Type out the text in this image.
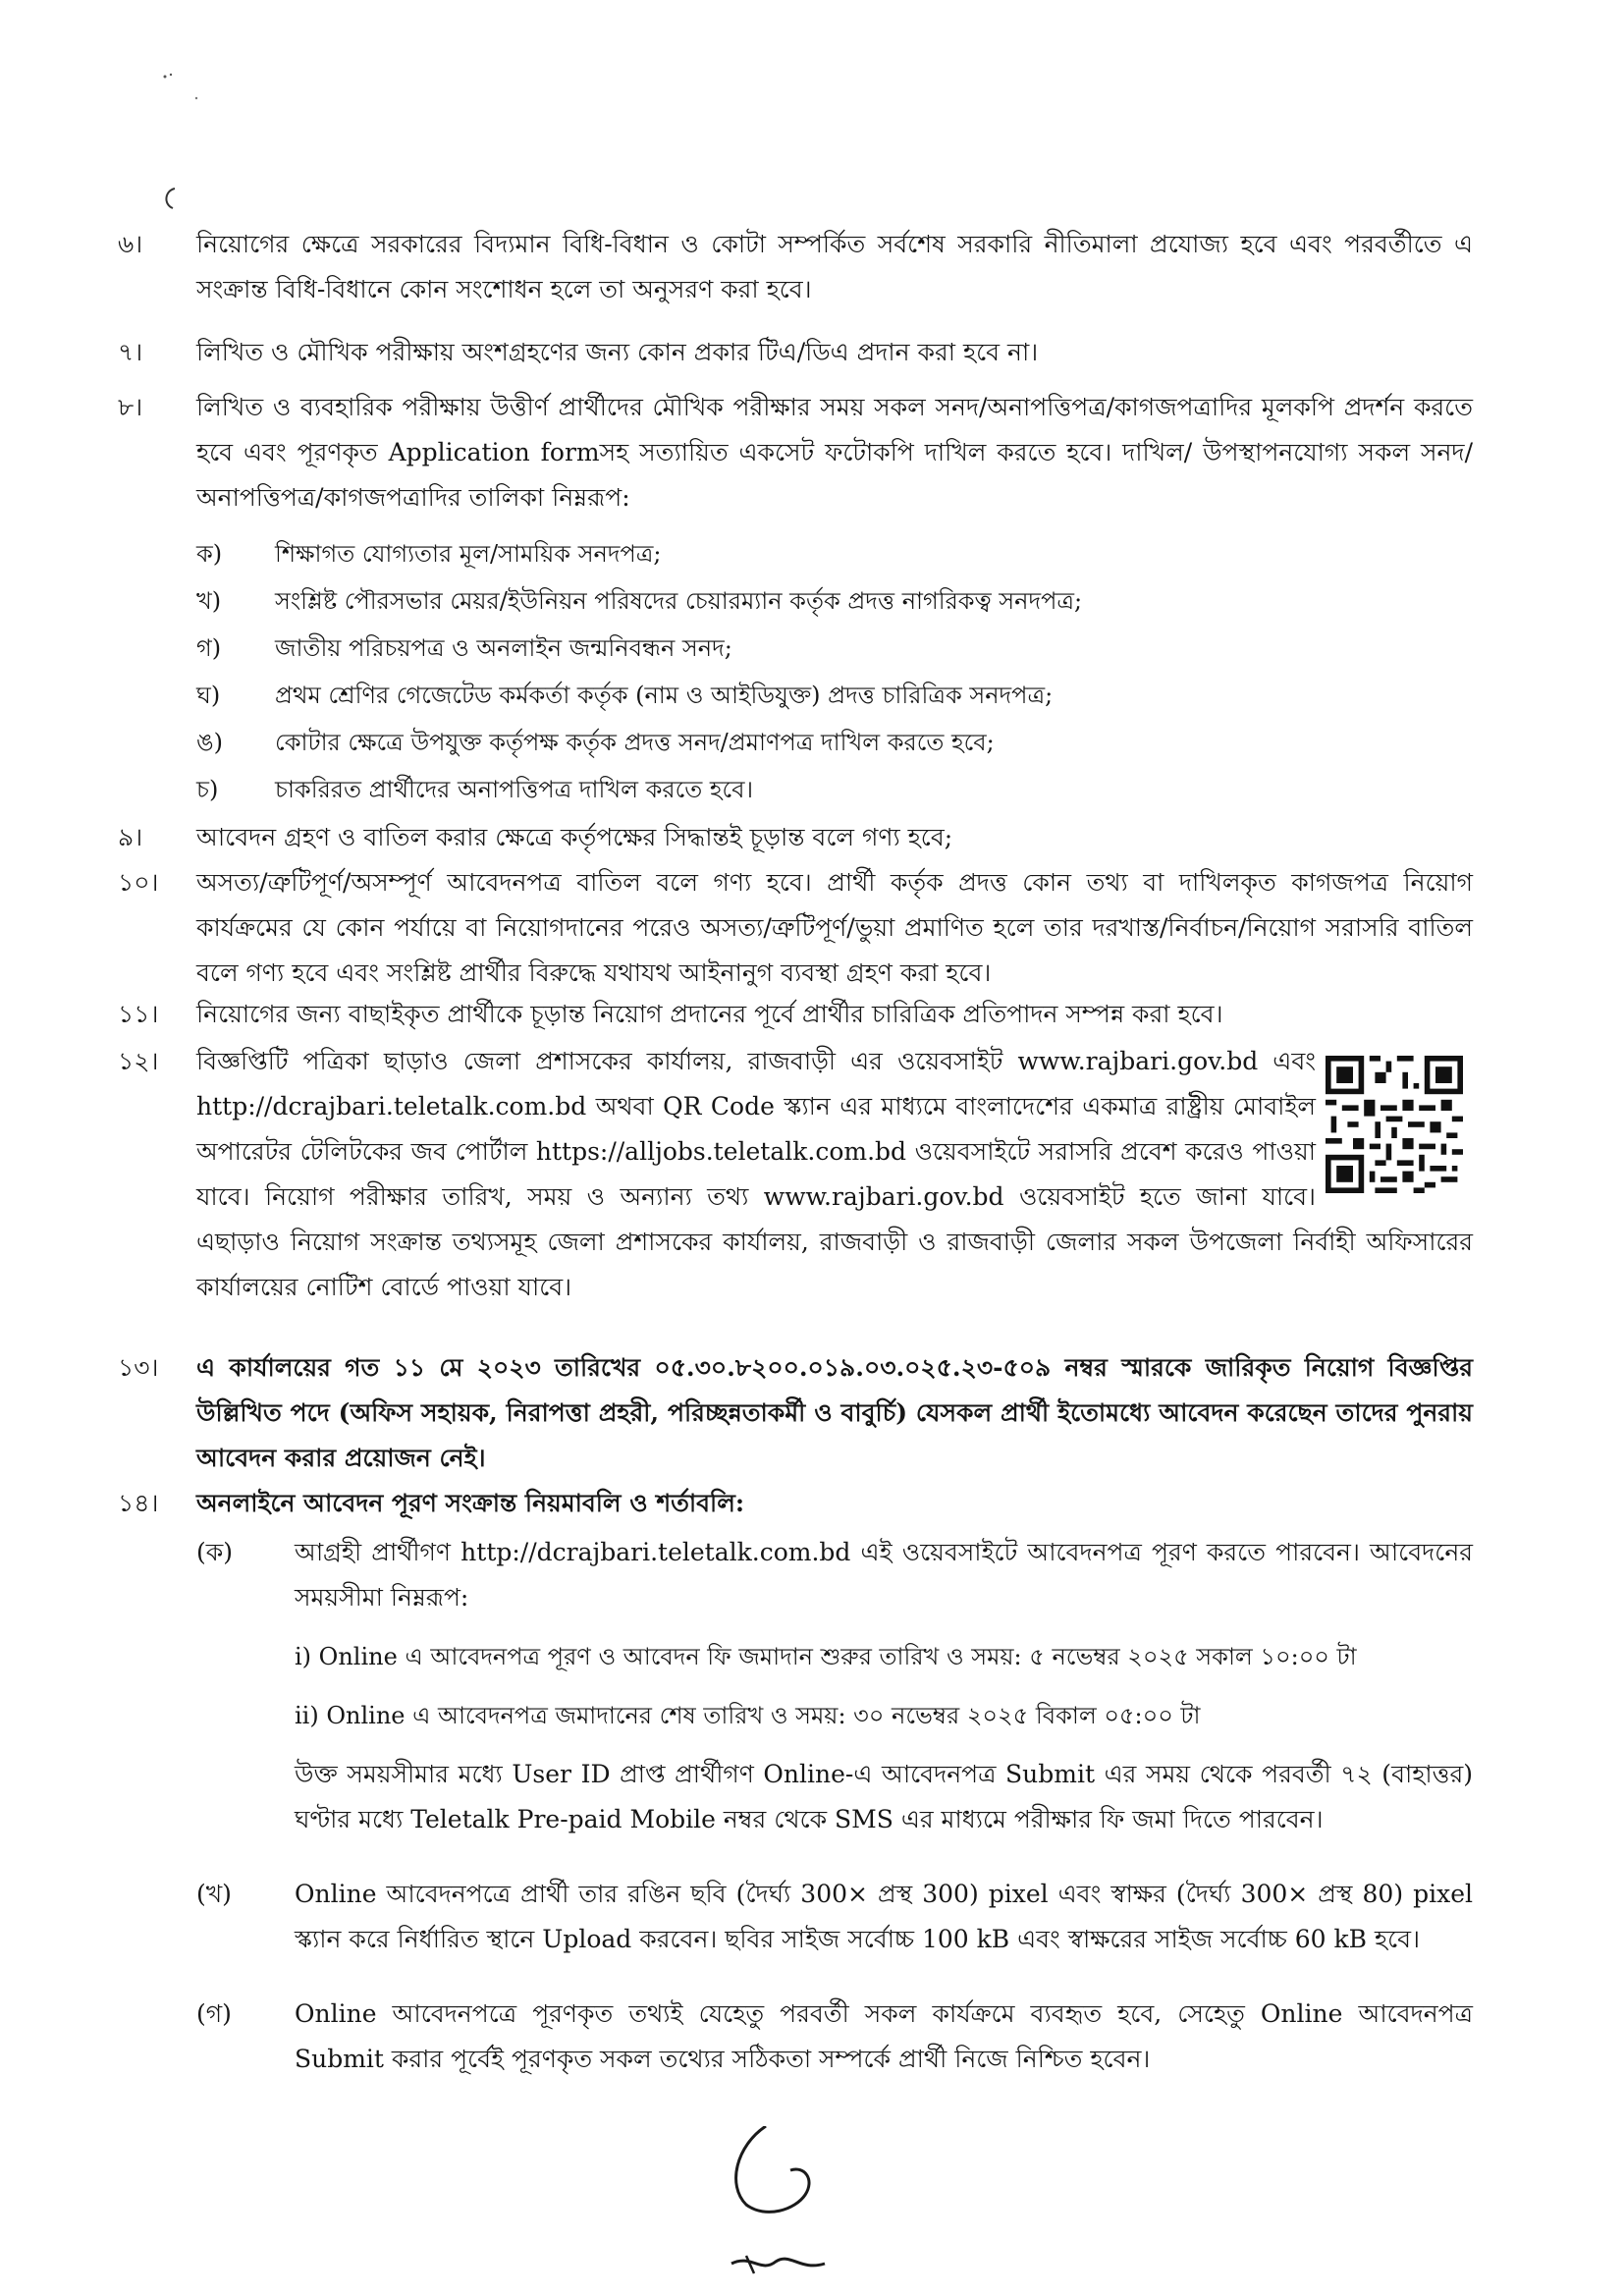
৬।	নিয়োগের ক্ষেত্রে সরকারের বিদ্যমান বিধি-বিধান ও কোটা সম্পর্কিত সর্বশেষ সরকারি নীতিমালা প্রযোজ্য হবে এবং পরবর্তীতে এ সংক্রান্ত বিধি-বিধানে কোন সংশোধন হলে তা অনুসরণ করা হবে।
৭।	লিখিত ও মৌখিক পরীক্ষায় অংশগ্রহণের জন্য কোন প্রকার টিএ/ডিএ প্রদান করা হবে না।
৮।	লিখিত ও ব্যবহারিক পরীক্ষায় উত্তীর্ণ প্রার্থীদের মৌখিক পরীক্ষার সময় সকল সনদ/অনাপত্তিপত্র/কাগজপত্রাদির মূলকপি প্রদর্শন করতে হবে এবং পূরণকৃত Application formসহ সত্যায়িত একসেট ফটোকপি দাখিল করতে হবে। দাখিল/ উপস্থাপনযোগ্য সকল সনদ/অনাপত্তিপত্র/কাগজপত্রাদির তালিকা নিম্নরূপ:
ক)	শিক্ষাগত যোগ্যতার মূল/সাময়িক সনদপত্র;
খ)	সংশ্লিষ্ট পৌরসভার মেয়র/ইউনিয়ন পরিষদের চেয়ারম্যান কর্তৃক প্রদত্ত নাগরিকত্ব সনদপত্র;
গ)	জাতীয় পরিচয়পত্র ও অনলাইন জন্মনিবন্ধন সনদ;
ঘ)	প্রথম শ্রেণির গেজেটেড কর্মকর্তা কর্তৃক (নাম ও আইডিযুক্ত) প্রদত্ত চারিত্রিক সনদপত্র;
ঙ)	কোটার ক্ষেত্রে উপযুক্ত কর্তৃপক্ষ কর্তৃক প্রদত্ত সনদ/প্রমাণপত্র দাখিল করতে হবে;
চ)	চাকরিরত প্রার্থীদের অনাপত্তিপত্র দাখিল করতে হবে।
৯।	আবেদন গ্রহণ ও বাতিল করার ক্ষেত্রে কর্তৃপক্ষের সিদ্ধান্তই চূড়ান্ত বলে গণ্য হবে;
১০।	অসত্য/ত্রুটিপূর্ণ/অসম্পূর্ণ আবেদনপত্র বাতিল বলে গণ্য হবে। প্রার্থী কর্তৃক প্রদত্ত কোন তথ্য বা দাখিলকৃত কাগজপত্র নিয়োগ কার্যক্রমের যে কোন পর্যায়ে বা নিয়োগদানের পরেও অসত্য/ত্রুটিপূর্ণ/ভুয়া প্রমাণিত হলে তার দরখাস্ত/নির্বাচন/নিয়োগ সরাসরি বাতিল বলে গণ্য হবে এবং সংশ্লিষ্ট প্রার্থীর বিরুদ্ধে যথাযথ আইনানুগ ব্যবস্থা গ্রহণ করা হবে।
১১।	নিয়োগের জন্য বাছাইকৃত প্রার্থীকে চূড়ান্ত নিয়োগ প্রদানের পূর্বে প্রার্থীর চারিত্রিক প্রতিপাদন সম্পন্ন করা হবে।
১২।	বিজ্ঞপ্তিটি পত্রিকা ছাড়াও জেলা প্রশাসকের কার্যালয়, রাজবাড়ী এর ওয়েবসাইট www.rajbari.gov.bd এবং http://dcrajbari.teletalk.com.bd অথবা QR Code স্ক্যান এর মাধ্যমে বাংলাদেশের একমাত্র রাষ্ট্রীয় মোবাইল অপারেটর টেলিটকের জব পোর্টাল https://alljobs.teletalk.com.bd ওয়েবসাইটে সরাসরি প্রবেশ করেও পাওয়া যাবে। নিয়োগ পরীক্ষার তারিখ, সময় ও অন্যান্য তথ্য www.rajbari.gov.bd ওয়েবসাইট হতে জানা যাবে। এছাড়াও নিয়োগ সংক্রান্ত তথ্যসমূহ জেলা প্রশাসকের কার্যালয়, রাজবাড়ী ও রাজবাড়ী জেলার সকল উপজেলা নির্বাহী অফিসারের কার্যালয়ের নোটিশ বোর্ডে পাওয়া যাবে।
১৩।	এ কার্যালয়ের গত ১১ মে ২০২৩ তারিখের ০৫.৩০.৮২০০.০১৯.০৩.০২৫.২৩-৫০৯ নম্বর স্মারকে জারিকৃত নিয়োগ বিজ্ঞপ্তির উল্লিখিত পদে (অফিস সহায়ক, নিরাপত্তা প্রহরী, পরিচ্ছন্নতাকর্মী ও বাবুর্চি) যেসকল প্রার্থী ইতোমধ্যে আবেদন করেছেন তাদের পুনরায় আবেদন করার প্রয়োজন নেই।
১৪।	অনলাইনে আবেদন পূরণ সংক্রান্ত নিয়মাবলি ও শর্তাবলি:
(ক)	আগ্রহী প্রার্থীগণ http://dcrajbari.teletalk.com.bd এই ওয়েবসাইটে আবেদনপত্র পূরণ করতে পারবেন। আবেদনের সময়সীমা নিম্নরূপ:
i) Online এ আবেদনপত্র পূরণ ও আবেদন ফি জমাদান শুরুর তারিখ ও সময়: ৫ নভেম্বর ২০২৫ সকাল ১০:০০ টা
ii) Online এ আবেদনপত্র জমাদানের শেষ তারিখ ও সময়: ৩০ নভেম্বর ২০২৫ বিকাল ০৫:০০ টা
উক্ত সময়সীমার মধ্যে User ID প্রাপ্ত প্রার্থীগণ Online-এ আবেদনপত্র Submit এর সময় থেকে পরবর্তী ৭২ (বাহাত্তর) ঘণ্টার মধ্যে Teletalk Pre-paid Mobile নম্বর থেকে SMS এর মাধ্যমে পরীক্ষার ফি জমা দিতে পারবেন।
(খ)	Online আবেদনপত্রে প্রার্থী তার রঙিন ছবি (দৈর্ঘ্য 300× প্রস্থ 300) pixel এবং স্বাক্ষর (দৈর্ঘ্য 300× প্রস্থ 80) pixel স্ক্যান করে নির্ধারিত স্থানে Upload করবেন। ছবির সাইজ সর্বোচ্চ 100 kB এবং স্বাক্ষরের সাইজ সর্বোচ্চ 60 kB হবে।
(গ)	Online আবেদনপত্রে পূরণকৃত তথ্যই যেহেতু পরবর্তী সকল কার্যক্রমে ব্যবহৃত হবে, সেহেতু Online আবেদনপত্র Submit করার পূর্বেই পূরণকৃত সকল তথ্যের সঠিকতা সম্পর্কে প্রার্থী নিজে নিশ্চিত হবেন।
